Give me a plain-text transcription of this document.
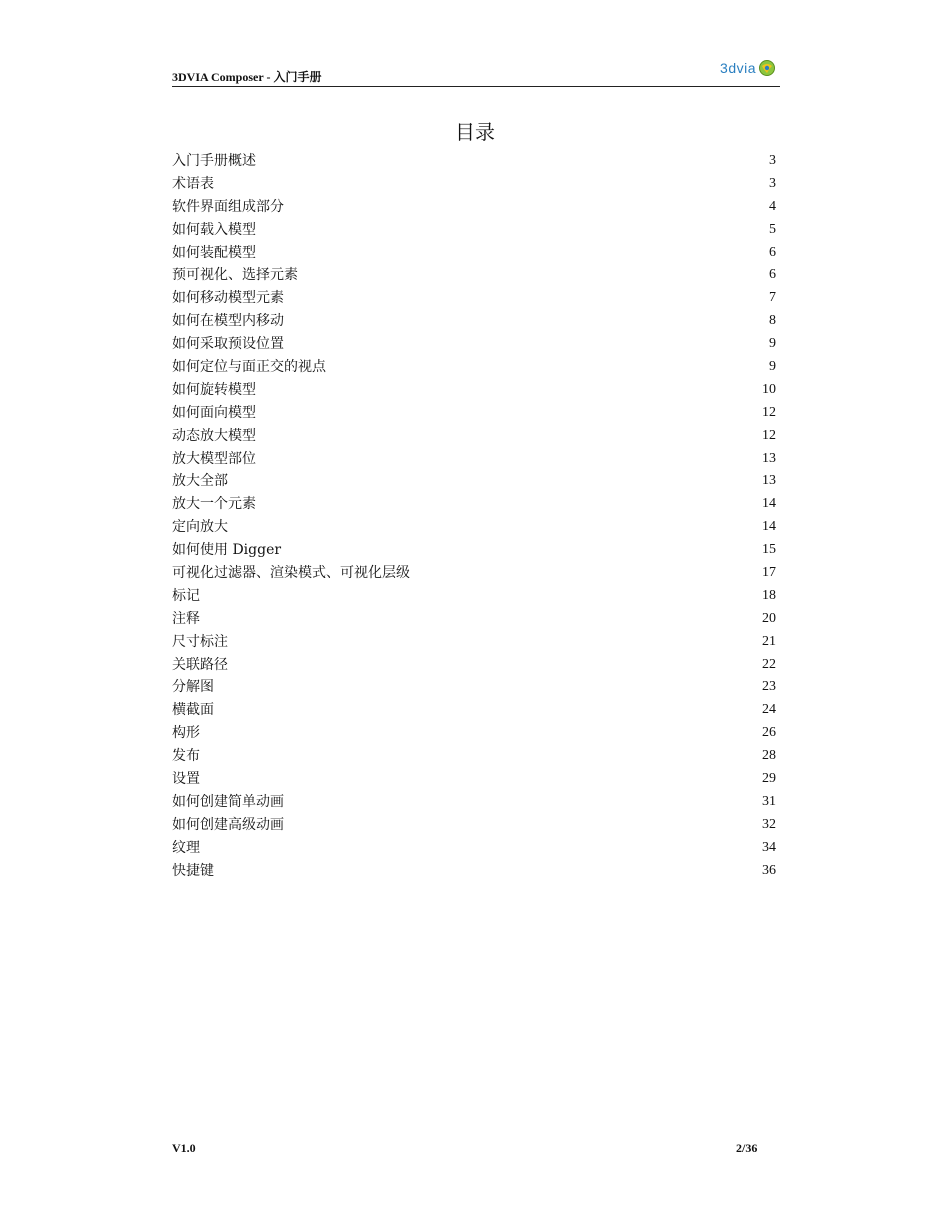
3DVIA Composer - 入门手册
3dvia
目录
入门手册概述	3
术语表	3
软件界面组成部分	4
如何载入模型	5
如何装配模型	6
预可视化、选择元素	6
如何移动模型元素	7
如何在模型内移动	8
如何采取预设位置	9
如何定位与面正交的视点	9
如何旋转模型	10
如何面向模型	12
动态放大模型	12
放大模型部位	13
放大全部	13
放大一个元素	14
定向放大	14
如何使用 Digger	15
可视化过滤器、渲染模式、可视化层级	17
标记	18
注释	20
尺寸标注	21
关联路径	22
分解图	23
横截面	24
构形	26
发布	28
设置	29
如何创建简单动画	31
如何创建高级动画	32
纹理	34
快捷键	36
V1.0	2/36
